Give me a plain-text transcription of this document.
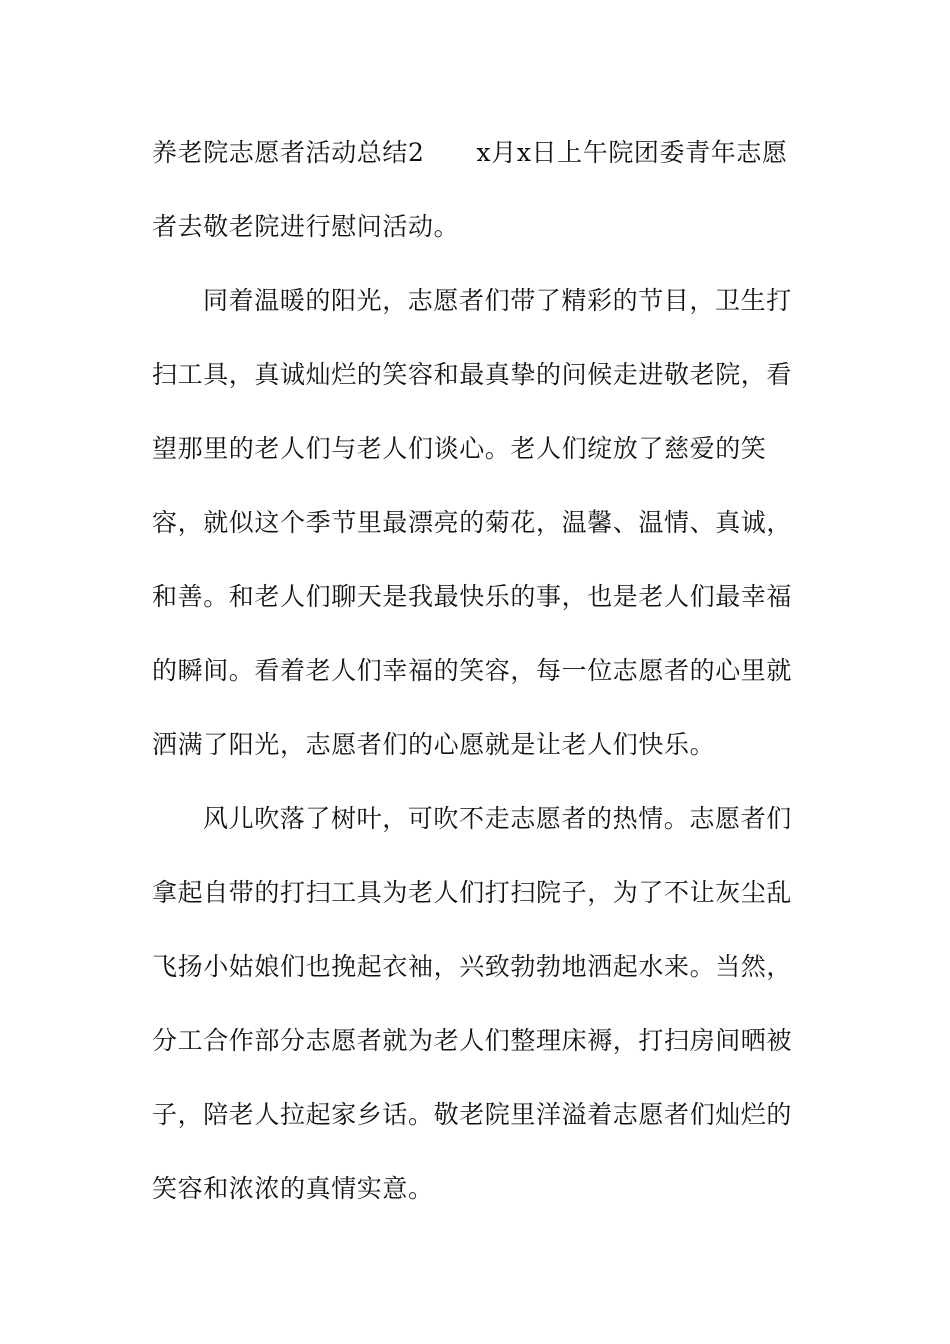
养老院志愿者活动总结2 x月x日上午院团委青年志愿
者去敬老院进行慰问活动。
同着温暖的阳光，志愿者们带了精彩的节目，卫生打
扫工具，真诚灿烂的笑容和最真挚的问候走进敬老院，看
望那里的老人们与老人们谈心。老人们绽放了慈爱的笑
容，就似这个季节里最漂亮的菊花，温馨、温情、真诚，
和善。和老人们聊天是我最快乐的事，也是老人们最幸福
的瞬间。看着老人们幸福的笑容，每一位志愿者的心里就
洒满了阳光，志愿者们的心愿就是让老人们快乐。
风儿吹落了树叶，可吹不走志愿者的热情。志愿者们
拿起自带的打扫工具为老人们打扫院子，为了不让灰尘乱
飞扬小姑娘们也挽起衣袖，兴致勃勃地洒起水来。当然，
分工合作部分志愿者就为老人们整理床褥，打扫房间晒被
子，陪老人拉起家乡话。敬老院里洋溢着志愿者们灿烂的
笑容和浓浓的真情实意。
